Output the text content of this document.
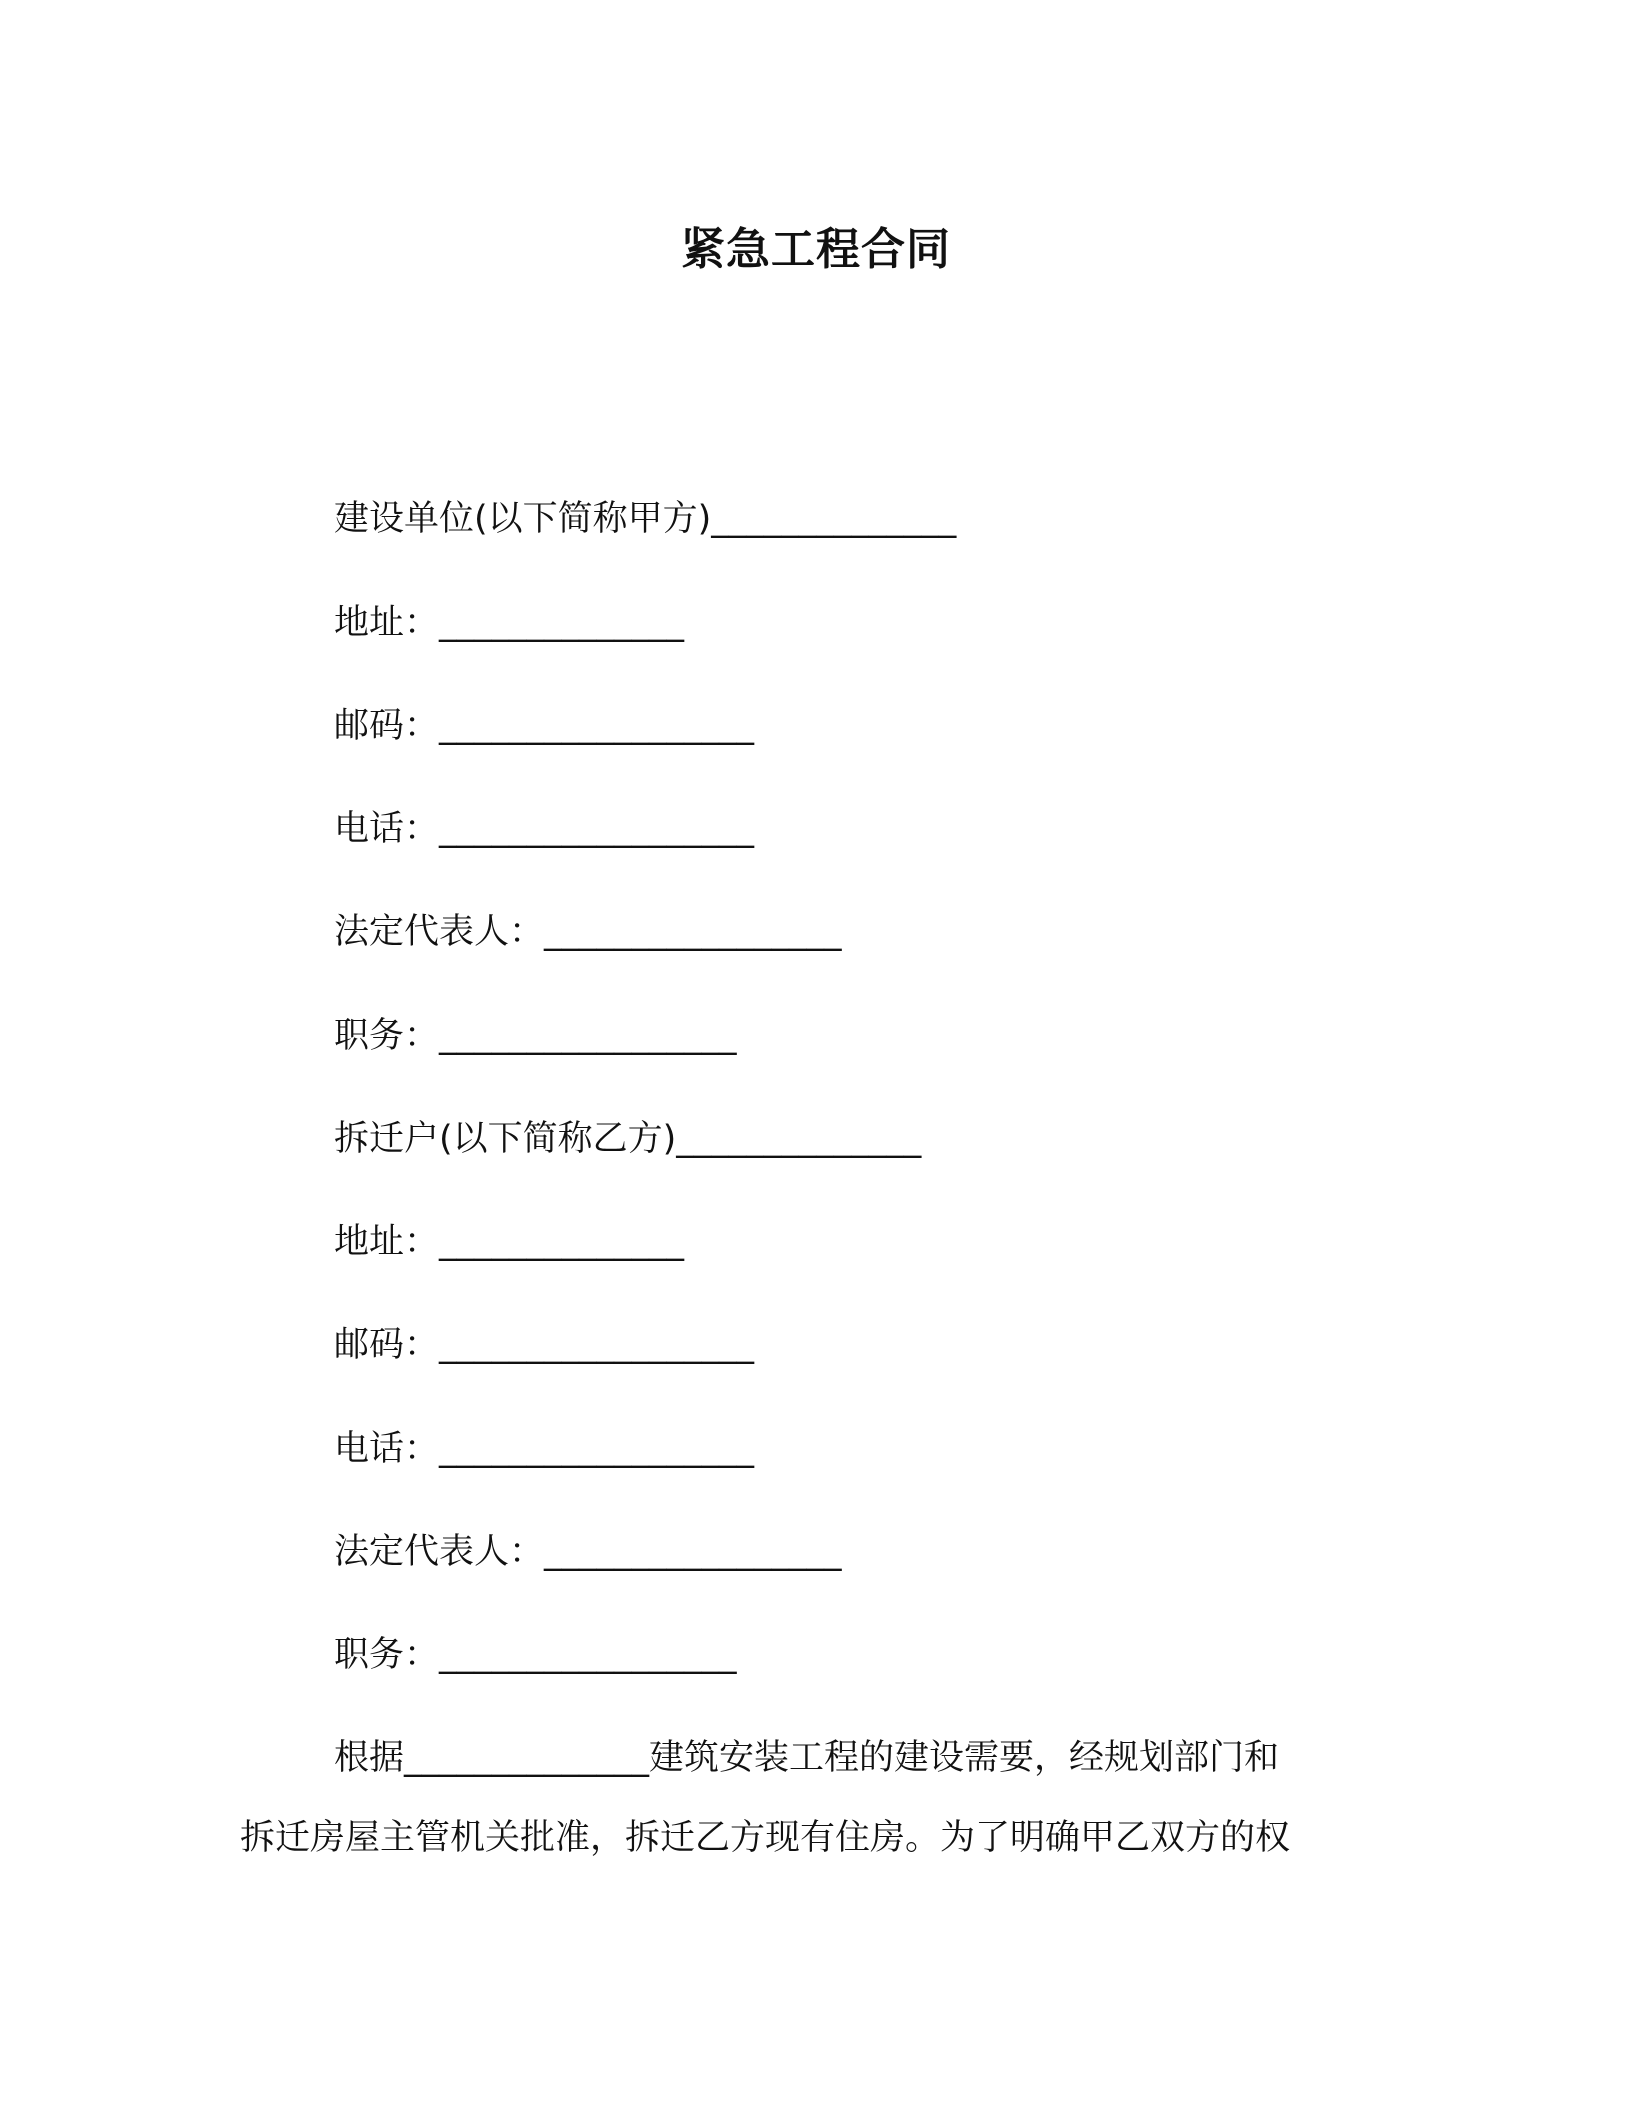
紧急工程合同
建设单位(以下简称甲方)______________
地址：______________
邮码：__________________
电话：__________________
法定代表人：_________________
职务：_________________
拆迁户(以下简称乙方)______________
地址：______________
邮码：__________________
电话：__________________
法定代表人：_________________
职务：_________________
根据______________建筑安装工程的建设需要，经规划部门和
拆迁房屋主管机关批准，拆迁乙方现有住房。为了明确甲乙双方的权
